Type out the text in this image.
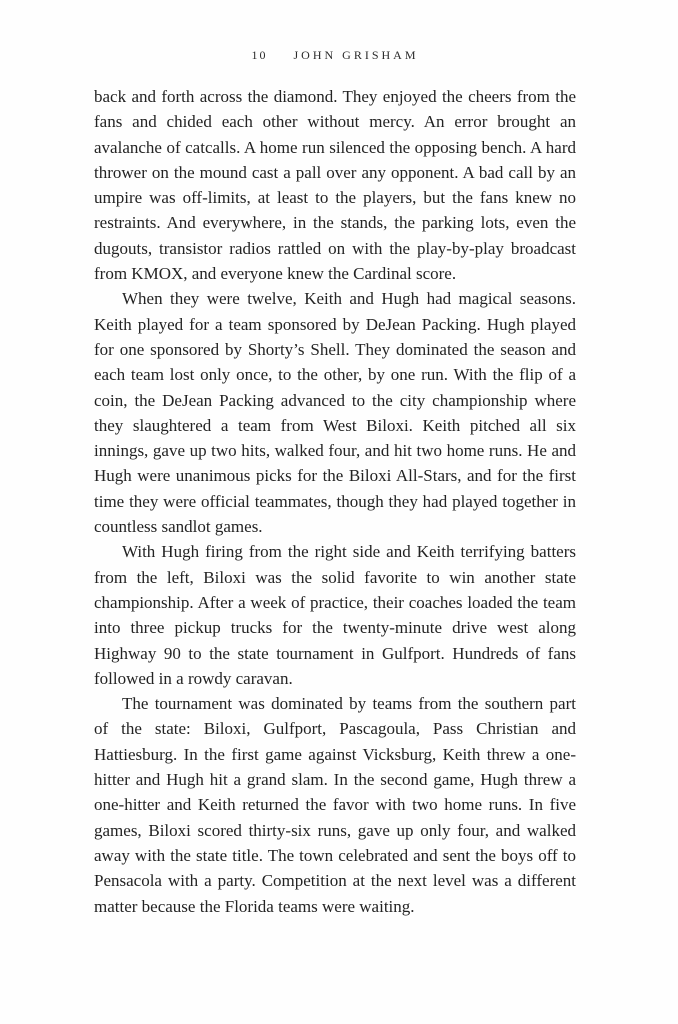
10 JOHN GRISHAM

back and forth across the diamond. They enjoyed the cheers from the fans and chided each other without mercy. An error brought an avalanche of catcalls. A home run silenced the opposing bench. A hard thrower on the mound cast a pall over any opponent. A bad call by an umpire was off-limits, at least to the players, but the fans knew no restraints. And everywhere, in the stands, the parking lots, even the dugouts, transistor radios rattled on with the play-by-play broadcast from KMOX, and everyone knew the Cardinal score.

When they were twelve, Keith and Hugh had magical seasons. Keith played for a team sponsored by DeJean Packing. Hugh played for one sponsored by Shorty’s Shell. They dominated the season and each team lost only once, to the other, by one run. With the flip of a coin, the DeJean Packing advanced to the city championship where they slaughtered a team from West Biloxi. Keith pitched all six innings, gave up two hits, walked four, and hit two home runs. He and Hugh were unanimous picks for the Biloxi All-Stars, and for the first time they were official teammates, though they had played together in countless sandlot games.

With Hugh firing from the right side and Keith terrifying batters from the left, Biloxi was the solid favorite to win another state championship. After a week of practice, their coaches loaded the team into three pickup trucks for the twenty-minute drive west along Highway 90 to the state tournament in Gulfport. Hundreds of fans followed in a rowdy caravan.

The tournament was dominated by teams from the southern part of the state: Biloxi, Gulfport, Pascagoula, Pass Christian and Hattiesburg. In the first game against Vicksburg, Keith threw a one-hitter and Hugh hit a grand slam. In the second game, Hugh threw a one-hitter and Keith returned the favor with two home runs. In five games, Biloxi scored thirty-six runs, gave up only four, and walked away with the state title. The town celebrated and sent the boys off to Pensacola with a party. Competition at the next level was a different matter because the Florida teams were waiting.
